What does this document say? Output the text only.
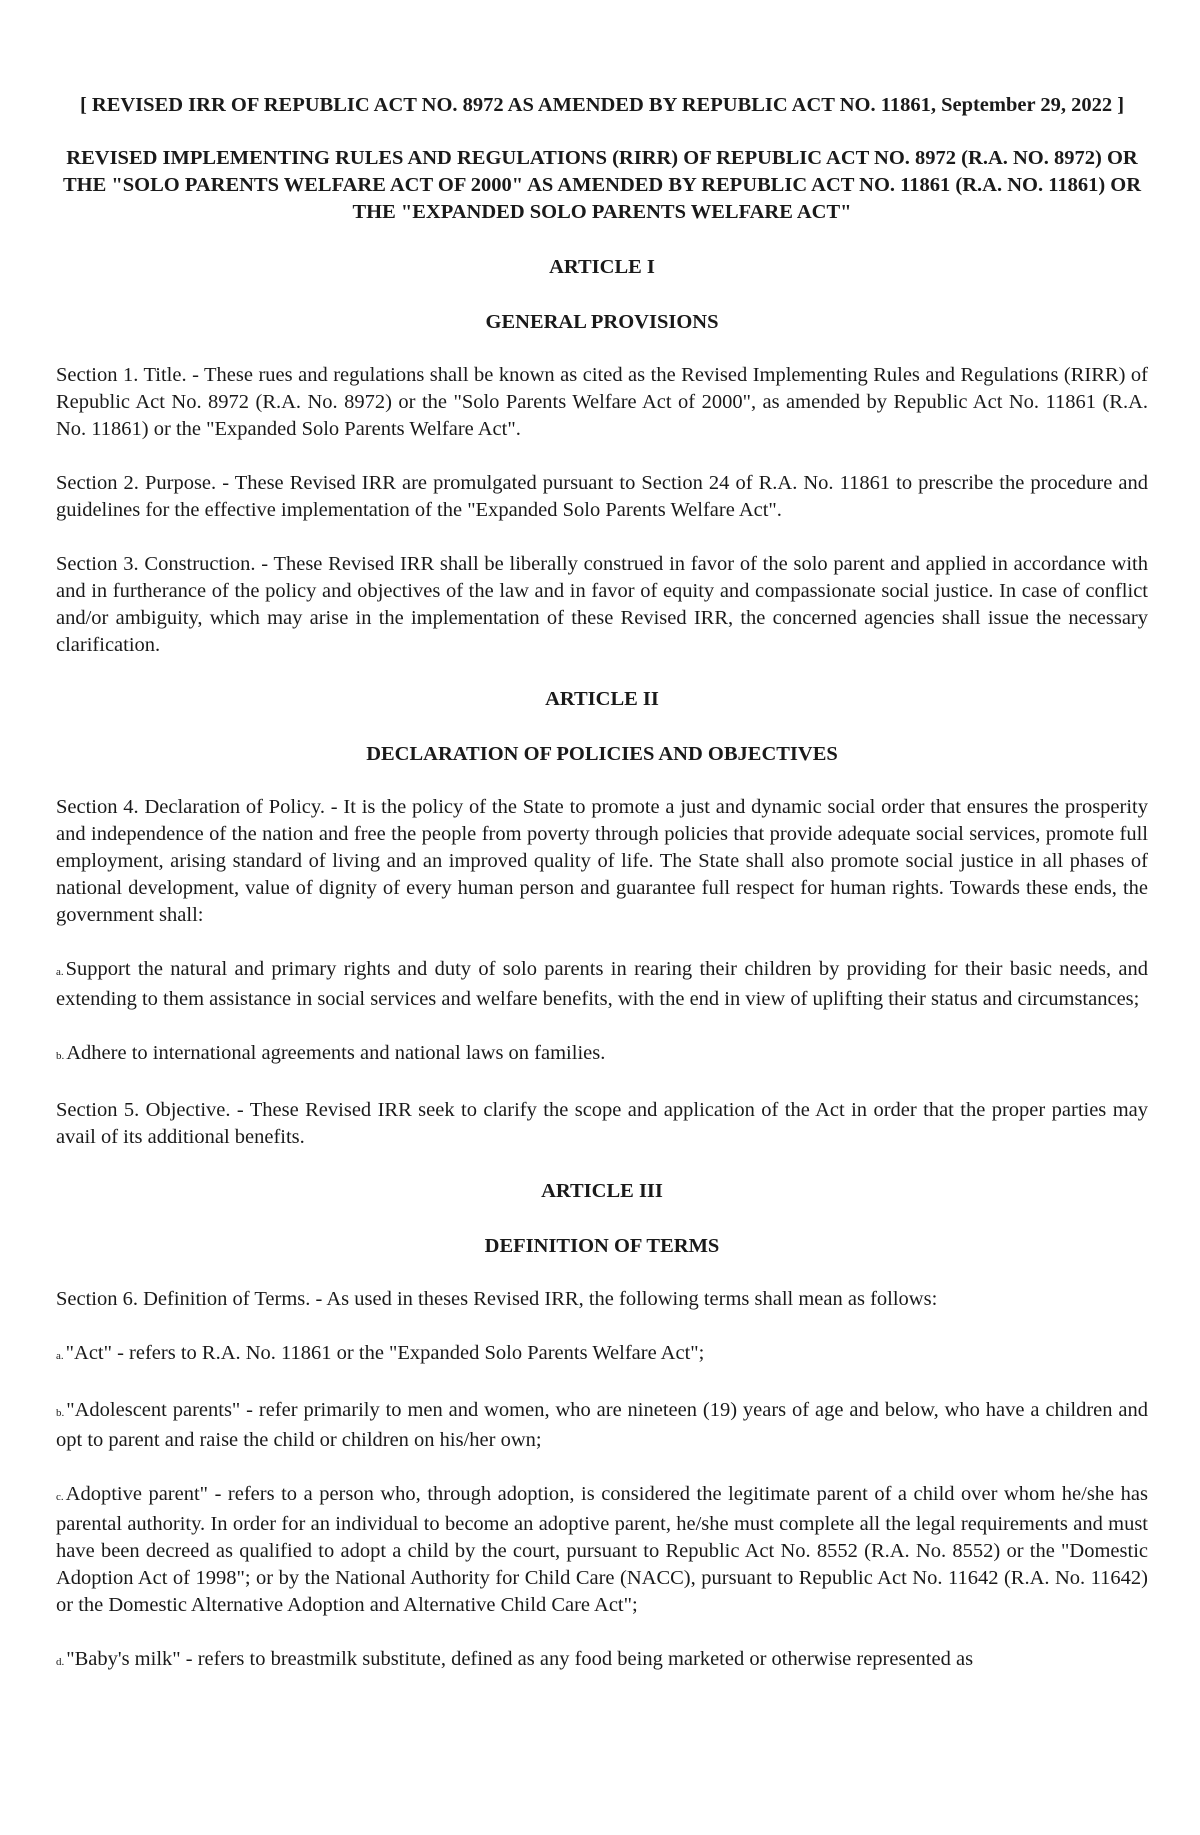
[ REVISED IRR OF REPUBLIC ACT NO. 8972 AS AMENDED BY REPUBLIC ACT NO. 11861, September 29, 2022 ]
REVISED IMPLEMENTING RULES AND REGULATIONS (RIRR) OF REPUBLIC ACT NO. 8972 (R.A. NO. 8972) OR THE "SOLO PARENTS WELFARE ACT OF 2000" AS AMENDED BY REPUBLIC ACT NO. 11861 (R.A. NO. 11861) OR THE "EXPANDED SOLO PARENTS WELFARE ACT"
ARTICLE I
GENERAL PROVISIONS

Section 1. Title. - These rues and regulations shall be known as cited as the Revised Implementing Rules and Regulations (RIRR) of Republic Act No. 8972 (R.A. No. 8972) or the "Solo Parents Welfare Act of 2000", as amended by Republic Act No. 11861 (R.A. No. 11861) or the "Expanded Solo Parents Welfare Act".

Section 2. Purpose. - These Revised IRR are promulgated pursuant to Section 24 of R.A. No. 11861 to prescribe the procedure and guidelines for the effective implementation of the "Expanded Solo Parents Welfare Act".

Section 3. Construction. - These Revised IRR shall be liberally construed in favor of the solo parent and applied in accordance with and in furtherance of the policy and objectives of the law and in favor of equity and compassionate social justice. In case of conflict and/or ambiguity, which may arise in the implementation of these Revised IRR, the concerned agencies shall issue the necessary clarification.

ARTICLE II
DECLARATION OF POLICIES AND OBJECTIVES

Section 4. Declaration of Policy. - It is the policy of the State to promote a just and dynamic social order that ensures the prosperity and independence of the nation and free the people from poverty through policies that provide adequate social services, promote full employment, arising standard of living and an improved quality of life. The State shall also promote social justice in all phases of national development, value of dignity of every human person and guarantee full respect for human rights. Towards these ends, the government shall:

a.Support the natural and primary rights and duty of solo parents in rearing their children by providing for their basic needs, and extending to them assistance in social services and welfare benefits, with the end in view of uplifting their status and circumstances;

b.Adhere to international agreements and national laws on families.

Section 5. Objective. - These Revised IRR seek to clarify the scope and application of the Act in order that the proper parties may avail of its additional benefits.

ARTICLE III
DEFINITION OF TERMS

Section 6. Definition of Terms. - As used in theses Revised IRR, the following terms shall mean as follows:

a."Act" - refers to R.A. No. 11861 or the "Expanded Solo Parents Welfare Act";

b."Adolescent parents" - refer primarily to men and women, who are nineteen (19) years of age and below, who have a children and opt to parent and raise the child or children on his/her own;

c.Adoptive parent" - refers to a person who, through adoption, is considered the legitimate parent of a child over whom he/she has parental authority. In order for an individual to become an adoptive parent, he/she must complete all the legal requirements and must have been decreed as qualified to adopt a child by the court, pursuant to Republic Act No. 8552 (R.A. No. 8552) or the "Domestic Adoption Act of 1998"; or by the National Authority for Child Care (NACC), pursuant to Republic Act No. 11642 (R.A. No. 11642) or the Domestic Alternative Adoption and Alternative Child Care Act";

d."Baby's milk" - refers to breastmilk substitute, defined as any food being marketed or otherwise represented as
